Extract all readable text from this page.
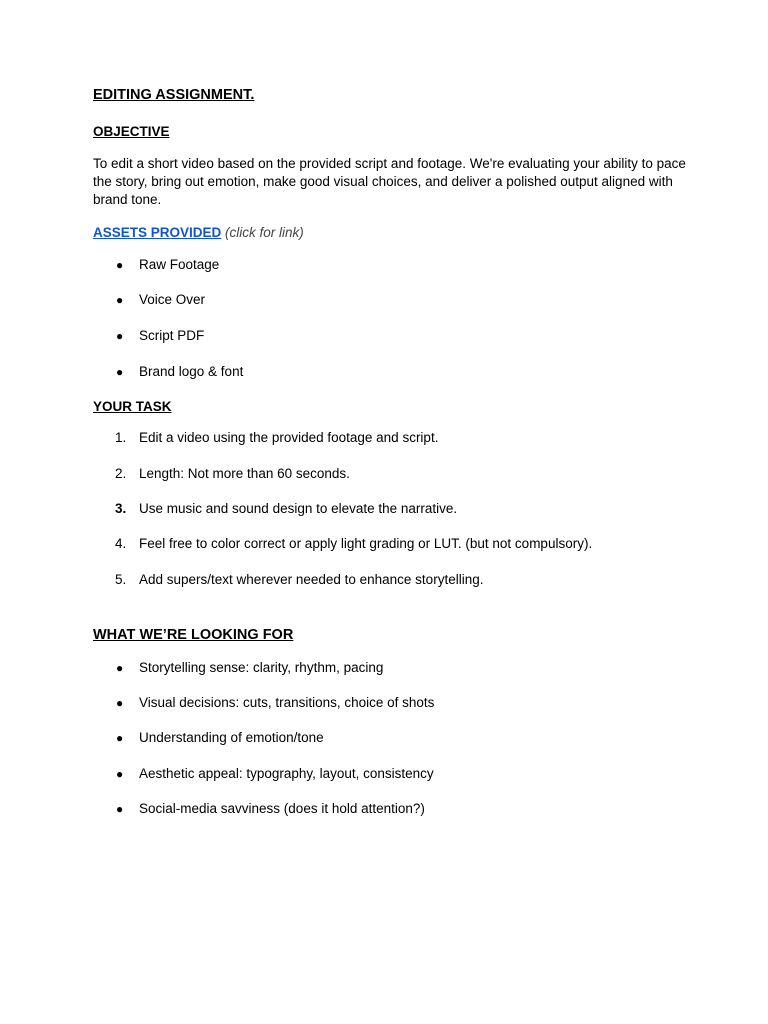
EDITING ASSIGNMENT.
OBJECTIVE
To edit a short video based on the provided script and footage. We're evaluating your ability to pace the story, bring out emotion, make good visual choices, and deliver a polished output aligned with brand tone.
ASSETS PROVIDED (click for link)
●	Raw Footage
●	Voice Over
●	Script PDF
●	Brand logo & font
YOUR TASK
1. Edit a video using the provided footage and script.
2. Length: Not more than 60 seconds.
3. Use music and sound design to elevate the narrative.
4. Feel free to color correct or apply light grading or LUT. (but not compulsory).
5. Add supers/text wherever needed to enhance storytelling.
WHAT WE’RE LOOKING FOR
●	Storytelling sense: clarity, rhythm, pacing
●	Visual decisions: cuts, transitions, choice of shots
●	Understanding of emotion/tone
●	Aesthetic appeal: typography, layout, consistency
●	Social-media savviness (does it hold attention?)
